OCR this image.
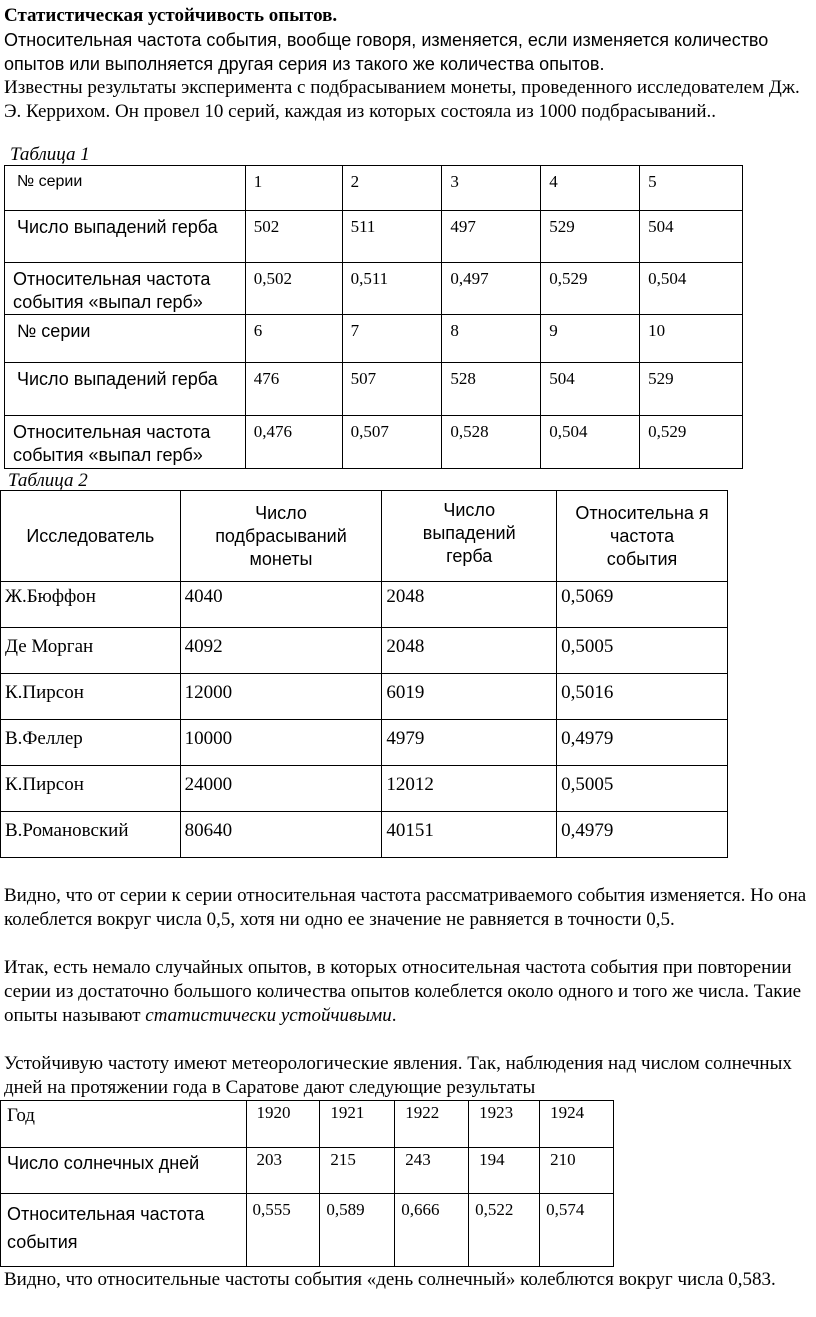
Статистическая устойчивость опытов.
Относительная частота события, вообще говоря, изменяется, если изменяется количество опытов или выполняется другая серия из такого же количества опытов.
Известны результаты эксперимента с подбрасыванием монеты, проведенного исследователем Дж. Э. Керрихом. Он провел 10 серий, каждая из которых состояла из 1000 подбрасываний..
Таблица 1
№ серии	1	2	3	4	5
Число выпадений герба	502	511	497	529	504
Относительная частота события «выпал герб»	0,502	0,511	0,497	0,529	0,504
№ серии	6	7	8	9	10
Число выпадений герба	476	507	528	504	529
Относительная частота события «выпал герб»	0,476	0,507	0,528	0,504	0,529
Таблица 2
Исследователь	Число подбрасываний монеты	Число выпадений герба	Относительна я частота события
Ж.Бюффон	4040	2048	0,5069
Де Морган	4092	2048	0,5005
К.Пирсон	12000	6019	0,5016
В.Феллер	10000	4979	0,4979
К.Пирсон	24000	12012	0,5005
В.Романовский	80640	40151	0,4979
Видно, что от серии к серии относительная частота рассматриваемого события изменяется. Но она колеблется вокруг числа 0,5, хотя ни одно ее значение не равняется в точности 0,5.
Итак, есть немало случайных опытов, в которых относительная частота события при повторении серии из достаточно большого количества опытов колеблется около одного и того же числа. Такие опыты называют статистически устойчивыми.
Устойчивую частоту имеют метеорологические явления. Так, наблюдения над числом солнечных дней на протяжении года в Саратове дают следующие результаты
Год	1920	1921	1922	1923	1924
Число солнечных дней	203	215	243	194	210
Относительная частота события	0,555	0,589	0,666	0,522	0,574
Видно, что относительные частоты события «день солнечный» колеблются вокруг числа 0,583.
